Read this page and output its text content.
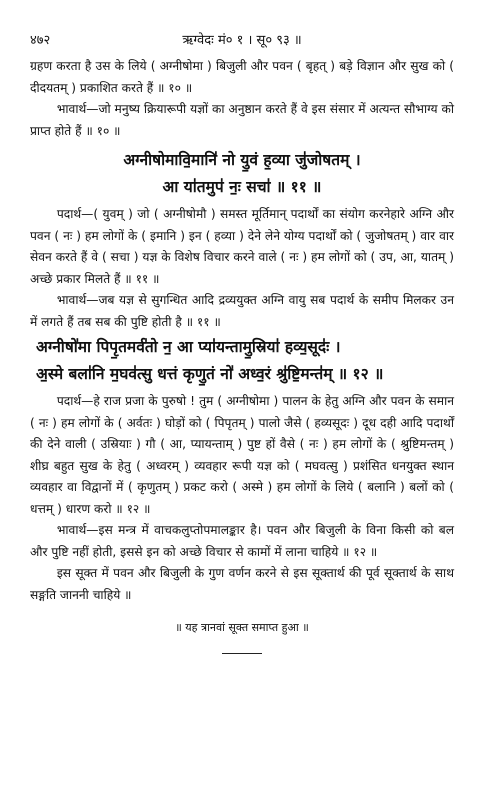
४७२	ऋग्वेदः मं० १ । सू० ९३ ॥

ग्रहण करता है उस के लिये ( अग्नीषोमा ) बिजुली और पवन ( बृहत् ) बड़े विज्ञान और सुख को ( दीदयतम् ) प्रकाशित करते हैं ॥ १० ॥

भावार्थ—जो मनुष्य क्रियारूपी यज्ञों का अनुष्ठान करते हैं वे इस संसार में अत्यन्त सौभाग्य को प्राप्त होते हैं ॥ १० ॥

अग्नीषोमावि॒मानि॑ नो यु॒वं ह॒व्या जु॑जोषतम् ।

आ या॑तमुप॑ नः॒ सचा॑ ॥ ११ ॥

पदार्थ—( युवम् ) जो ( अग्नीषोमौ ) समस्त मूर्तिमान् पदार्थों का संयोग करनेहारे अग्नि और पवन ( नः ) हम लोगों के ( इमानि ) इन ( हव्या ) देने लेने योग्य पदार्थों को ( जुजोषतम् ) वार वार सेवन करते हैं वे ( सचा ) यज्ञ के विशेष विचार करने वाले ( नः ) हम लोगों को ( उप, आ, यातम् ) अच्छे प्रकार मिलते हैं ॥ ११ ॥

भावार्थ—जब यज्ञ से सुगन्धित आदि द्रव्ययुक्त अग्नि वायु सब पदार्थ के समीप मिलकर उन में लगते हैं तब सब की पुष्टि होती है ॥ ११ ॥

अग्नीषो॑मा पिपृ॒तमर्व॑तो न॒ आ प्या॑यन्तामु॒स्रिया॑ हव्य॒सूदः॑ ।

अ॒स्मे बला॑नि म॒घव॑त्सु धत्तं कृणु॒तं नो॑ अध्व॒रं श्रु॑ष्टि॒मन्त॑म् ॥ १२ ॥

पदार्थ—हे राज प्रजा के पुरुषो ! तुम ( अग्नीषोमा ) पालन के हेतु अग्नि और पवन के समान ( नः ) हम लोगों के ( अर्वतः ) घोड़ों को ( पिपृतम् ) पालो जैसे ( हव्यसूदः ) दूध दही आदि पदार्थों की देने वाली ( उस्रियाः ) गौ ( आ, प्यायन्ताम् ) पुष्ट हों वैसे ( नः ) हम लोगों के ( श्रुष्टिमन्तम् ) शीघ्र बहुत सुख के हेतु ( अध्वरम् ) व्यवहार रूपी यज्ञ को ( मघवत्सु ) प्रशंसित धनयुक्त स्थान व्यवहार वा विद्वानों में ( कृणुतम् ) प्रकट करो ( अस्मे ) हम लोगों के लिये ( बलानि ) बलों को ( धत्तम् ) धारण करो ॥ १२ ॥

भावार्थ—इस मन्त्र में वाचकलुप्तोपमालङ्कार है। पवन और बिजुली के विना किसी को बल और पुष्टि नहीं होती, इससे इन को अच्छे विचार से कामों में लाना चाहिये ॥ १२ ॥

इस सूक्त में पवन और बिजुली के गुण वर्णन करने से इस सूक्तार्थ की पूर्व सूक्तार्थ के साथ सङ्गति जाननी चाहिये ॥

॥ यह त्रानवां सूक्त समाप्त हुआ ॥
